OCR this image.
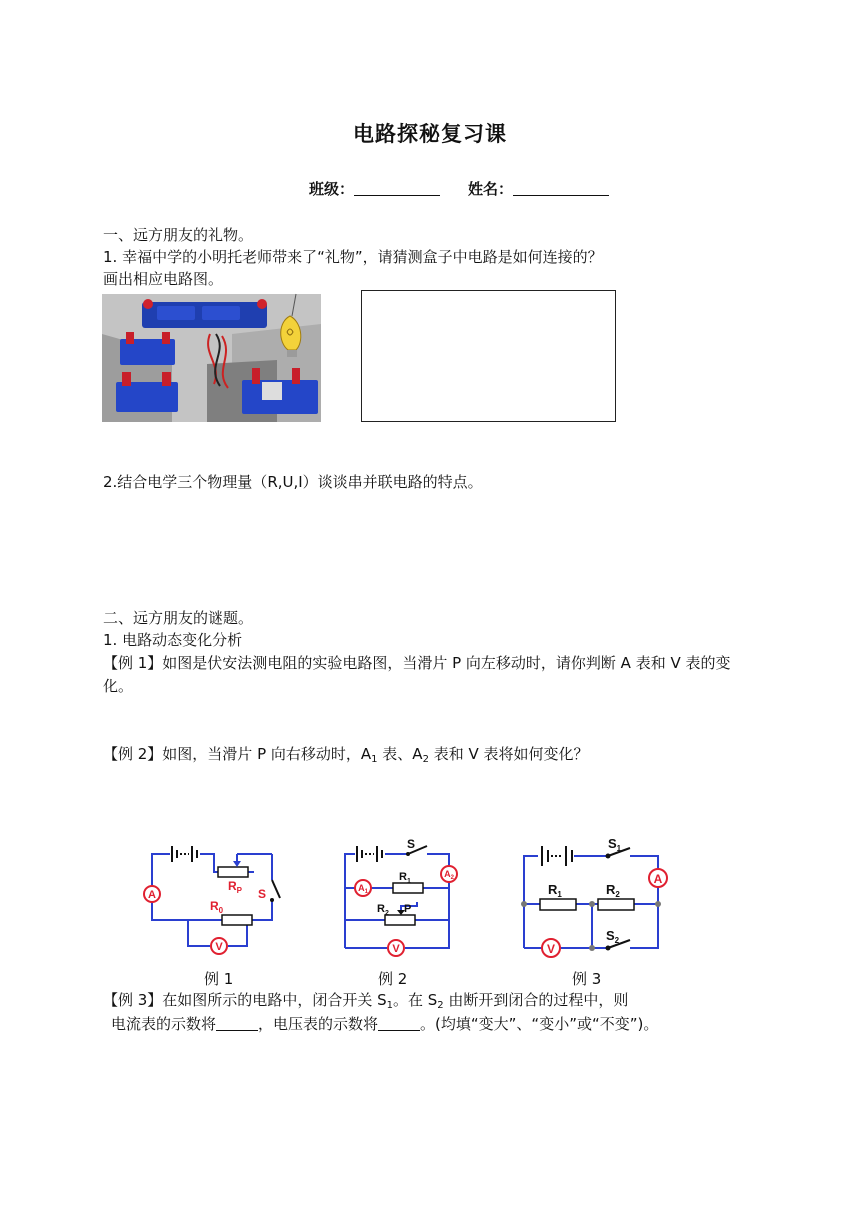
电路探秘复习课
班级：	姓名：
一、远方朋友的礼物。
1. 幸福中学的小明托老师带来了“礼物”，请猜测盒子中电路是如何连接的？
画出相应电路图。
2.结合电学三个物理量（R,U,I）谈谈串并联电路的特点。
二、远方朋友的谜题。
1. 电路动态变化分析
【例 1】如图是伏安法测电阻的实验电路图，当滑片 P 向左移动时，请你判断 A 表和 V 表的变
化。
【例 2】如图，当滑片 P 向右移动时，$A_1$ 表、$A_2$ 表和 V 表将如何变化？
$R_P$ S
$R_0$
A
V
S
$A_2$
$A_1$
$R_1$
$R_2$ P
V
$S_1$
A
$R_1$	$R_2$
V
$S_2$
例 1	例 2	例 3
【例 3】在如图所示的电路中，闭合开关 $S_1$。在 $S_2$ 由断开到闭合的过程中，则
电流表的示数将	，电压表的示数将	。(均填“变大”、“变小”或“不变”)。
